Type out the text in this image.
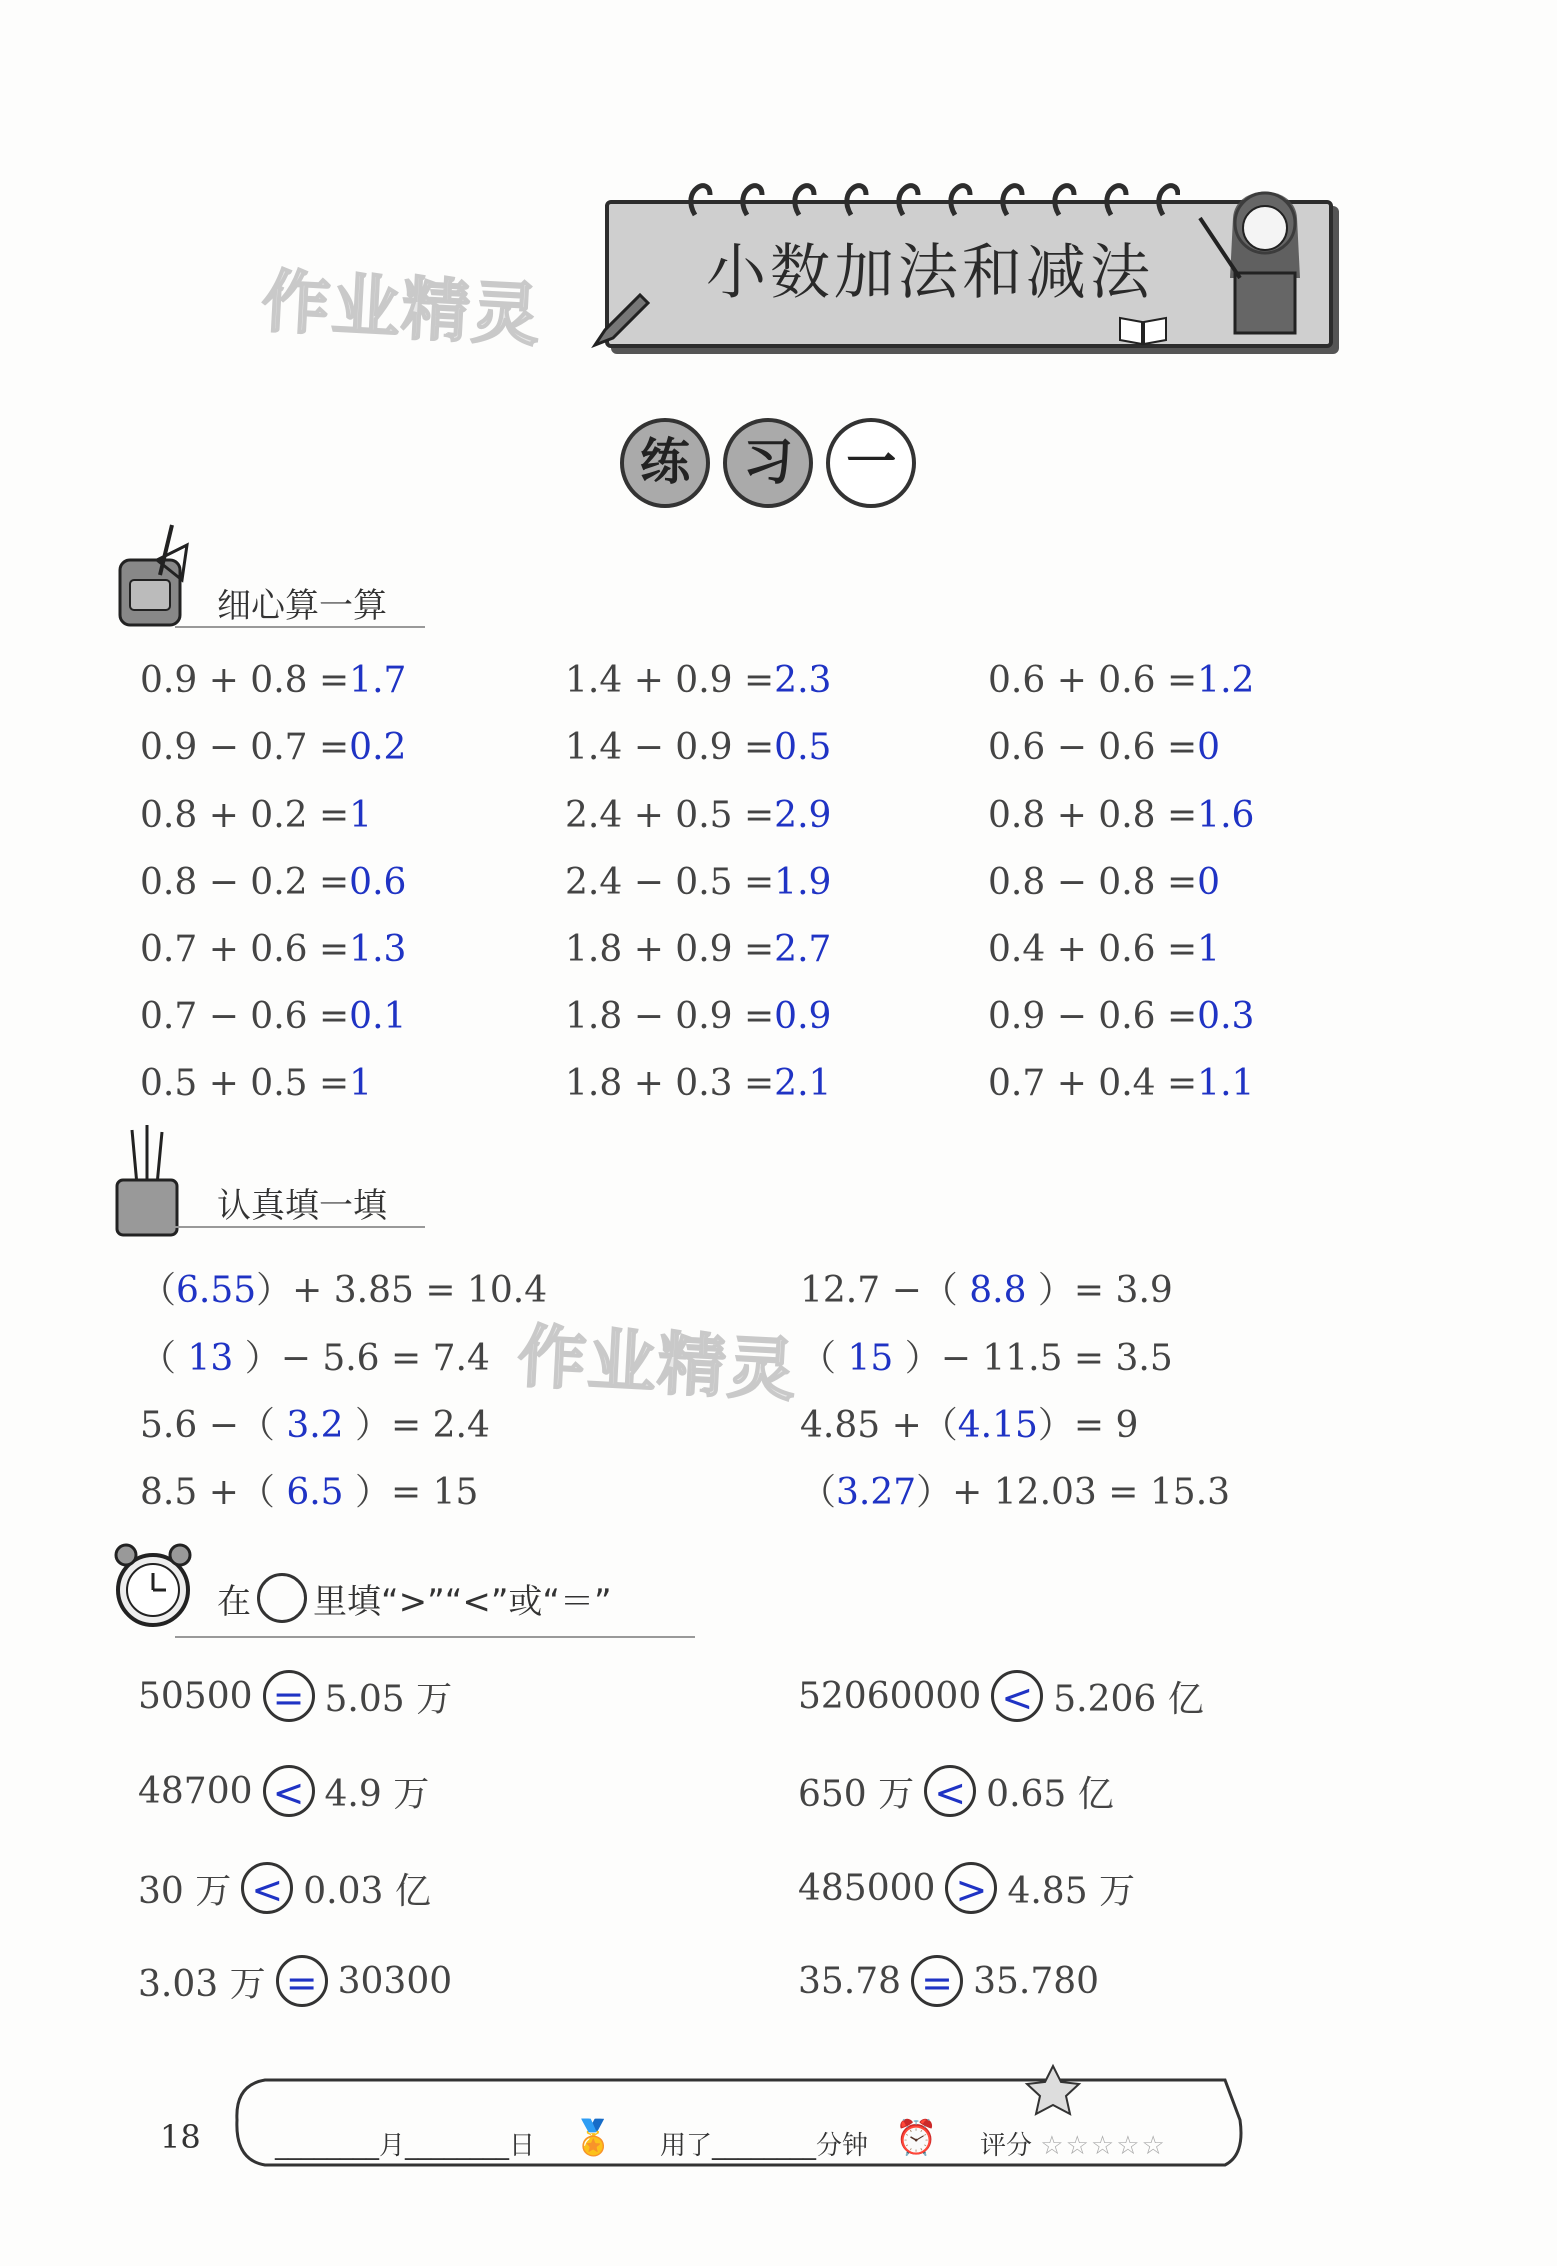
作业精灵
作业精灵
小数加法和减法
练 习 一
细心算一算
0.9 + 0.8 =1.7
0.9 − 0.7 =0.2
0.8 + 0.2 =1
0.8 − 0.2 =0.6
0.7 + 0.6 =1.3
0.7 − 0.6 =0.1
0.5 + 0.5 =1
1.4 + 0.9 =2.3
1.4 − 0.9 =0.5
2.4 + 0.5 =2.9
2.4 − 0.5 =1.9
1.8 + 0.9 =2.7
1.8 − 0.9 =0.9
1.8 + 0.3 =2.1
0.6 + 0.6 =1.2
0.6 − 0.6 =0
0.8 + 0.8 =1.6
0.8 − 0.8 =0
0.4 + 0.6 =1
0.9 − 0.6 =0.3
0.7 + 0.4 =1.1
认真填一填
（6.55）+ 3.85 = 10.4
（ 13 ）− 5.6 = 7.4
5.6 −（ 3.2 ）= 2.4
8.5 +（ 6.5 ）= 15
12.7 −（ 8.8 ）= 3.9
（ 15 ）− 11.5 = 3.5
4.85 +（4.15）= 9
（3.27）+ 12.03 = 15.3
在 里填“>”“<”或“＝”
50500 = 5.05 万
48700 < 4.9 万
30 万 < 0.03 亿
3.03 万 = 30300
52060000 < 5.206 亿
650 万 < 0.65 亿
485000 > 4.85 万
35.78 = 35.780
18	________月________日 🏅 用了________分钟 ⏰ 评分 ☆☆☆☆☆
